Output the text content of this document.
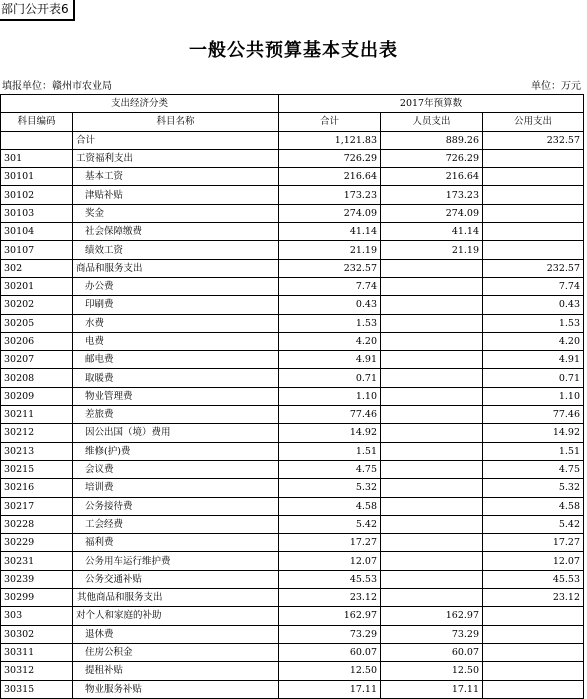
部门公开表6
一般公共预算基本支出表
填报单位：赣州市农业局	单位：万元
支出经济分类		2017年预算数		
科目编码	科目名称	合计	人员支出	公用支出
	合计	1,121.83	889.26	232.57
301	工资福利支出	726.29	726.29	
30101	基本工资	216.64	216.64	
30102	津贴补贴	173.23	173.23	
30103	奖金	274.09	274.09	
30104	社会保障缴费	41.14	41.14	
30107	绩效工资	21.19	21.19	
302	商品和服务支出	232.57		232.57
30201	办公费	7.74		7.74
30202	印刷费	0.43		0.43
30205	水费	1.53		1.53
30206	电费	4.20		4.20
30207	邮电费	4.91		4.91
30208	取暖费	0.71		0.71
30209	物业管理费	1.10		1.10
30211	差旅费	77.46		77.46
30212	因公出国（境）费用	14.92		14.92
30213	维修(护)费	1.51		1.51
30215	会议费	4.75		4.75
30216	培训费	5.32		5.32
30217	公务接待费	4.58		4.58
30228	工会经费	5.42		5.42
30229	福利费	17.27		17.27
30231	公务用车运行维护费	12.07		12.07
30239	公务交通补贴	45.53		45.53
30299	其他商品和服务支出	23.12		23.12
303	对个人和家庭的补助	162.97	162.97	
30302	退休费	73.29	73.29	
30311	住房公积金	60.07	60.07	
30312	提租补贴	12.50	12.50	
30315	物业服务补贴	17.11	17.11	
